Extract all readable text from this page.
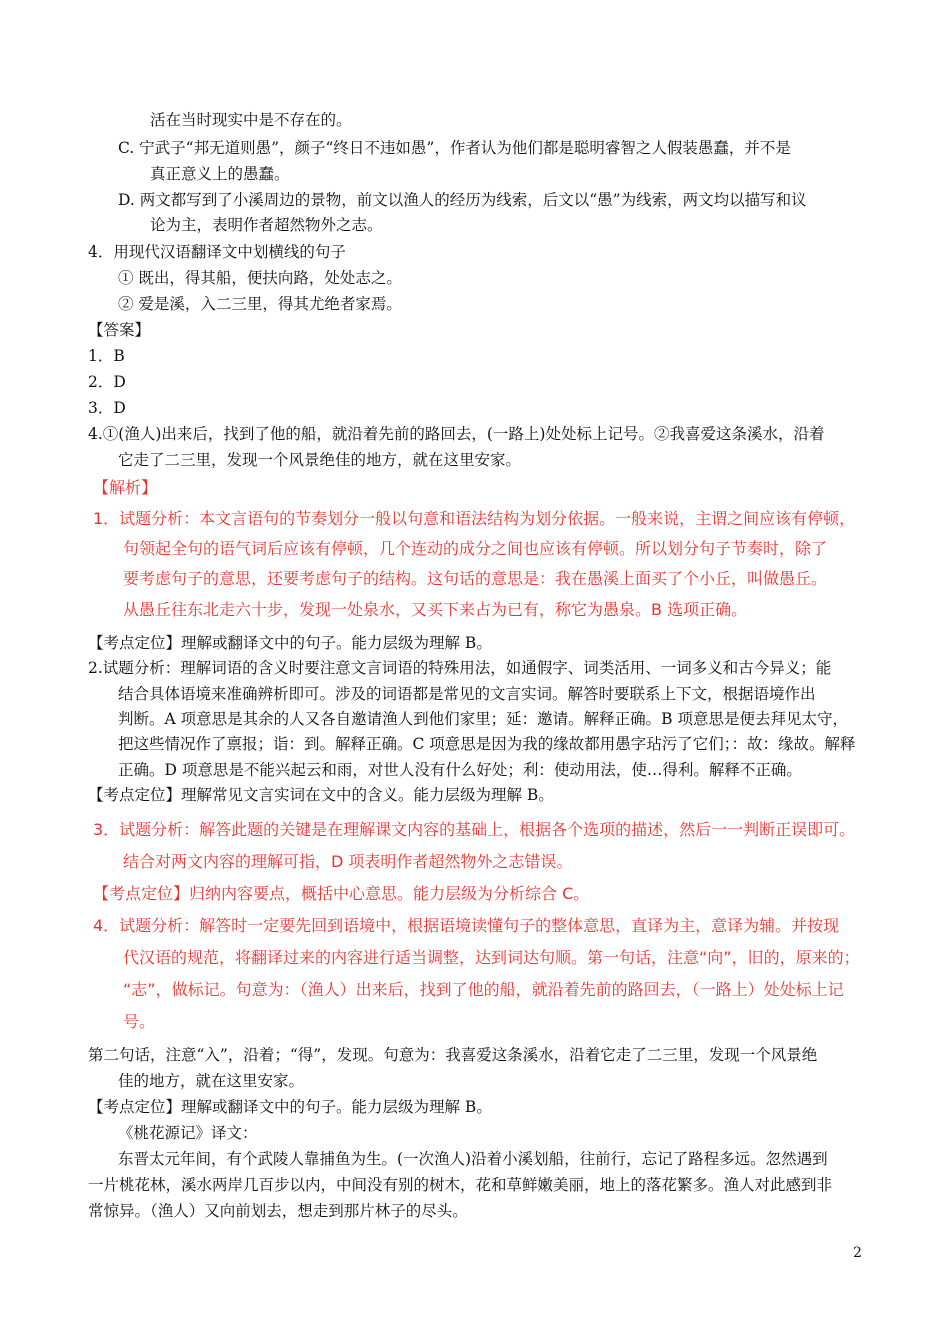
活在当时现实中是不存在的。
C. 宁武子“邦无道则愚”，颜子“终日不违如愚”，作者认为他们都是聪明睿智之人假装愚蠢，并不是
真正意义上的愚蠢。
D. 两文都写到了小溪周边的景物，前文以渔人的经历为线索，后文以“愚”为线索，两文均以描写和议
论为主，表明作者超然物外之志。
4．用现代汉语翻译文中划横线的句子
① 既出，得其船，便扶向路，处处志之。
② 爱是溪，入二三里，得其尤绝者家焉。
【答案】
1．B
2．D
3．D
4.①(渔人)出来后，找到了他的船，就沿着先前的路回去，(一路上)处处标上记号。②我喜爱这条溪水，沿着
它走了二三里，发现一个风景绝佳的地方，就在这里安家。
【解析】
1．试题分析：本文言语句的节奏划分一般以句意和语法结构为划分依据。一般来说，主谓之间应该有停顿，
句领起全句的语气词后应该有停顿，几个连动的成分之间也应该有停顿。所以划分句子节奏时，除了
要考虑句子的意思，还要考虑句子的结构。这句话的意思是：我在愚溪上面买了个小丘，叫做愚丘。
从愚丘往东北走六十步，发现一处泉水，又买下来占为已有，称它为愚泉。B 选项正确。
【考点定位】理解或翻译文中的句子。能力层级为理解 B。
2.试题分析：理解词语的含义时要注意文言词语的特殊用法，如通假字、词类活用、一词多义和古今异义；能
结合具体语境来准确辨析即可。涉及的词语都是常见的文言实词。解答时要联系上下文，根据语境作出
判断。A 项意思是其余的人又各自邀请渔人到他们家里；延：邀请。解释正确。B 项意思是便去拜见太守，
把这些情况作了禀报；诣：到。解释正确。C 项意思是因为我的缘故都用愚字玷污了它们；：故：缘故。解释
正确。D 项意思是不能兴起云和雨，对世人没有什么好处；利：使动用法，使…得利。解释不正确。
【考点定位】理解常见文言实词在文中的含义。能力层级为理解 B。
3．试题分析：解答此题的关键是在理解课文内容的基础上，根据各个选项的描述，然后一一判断正误即可。
结合对两文内容的理解可指，D 项表明作者超然物外之志错误。
【考点定位】归纳内容要点，概括中心意思。能力层级为分析综合 C。
4．试题分析：解答时一定要先回到语境中，根据语境读懂句子的整体意思，直译为主，意译为辅。并按现
代汉语的规范，将翻译过来的内容进行适当调整，达到词达句顺。第一句话，注意“向”，旧的，原来的；
“志”，做标记。句意为：（渔人）出来后，找到了他的船，就沿着先前的路回去，（一路上）处处标上记
号。
第二句话，注意“入”，沿着；“得”，发现。句意为：我喜爱这条溪水，沿着它走了二三里，发现一个风景绝
佳的地方，就在这里安家。
【考点定位】理解或翻译文中的句子。能力层级为理解 B。
《桃花源记》译文：
东晋太元年间，有个武陵人靠捕鱼为生。(一次渔人)沿着小溪划船，往前行，忘记了路程多远。忽然遇到
一片桃花林，溪水两岸几百步以内，中间没有别的树木，花和草鲜嫩美丽，地上的落花繁多。渔人对此感到非
常惊异。（渔人）又向前划去，想走到那片林子的尽头。
2
